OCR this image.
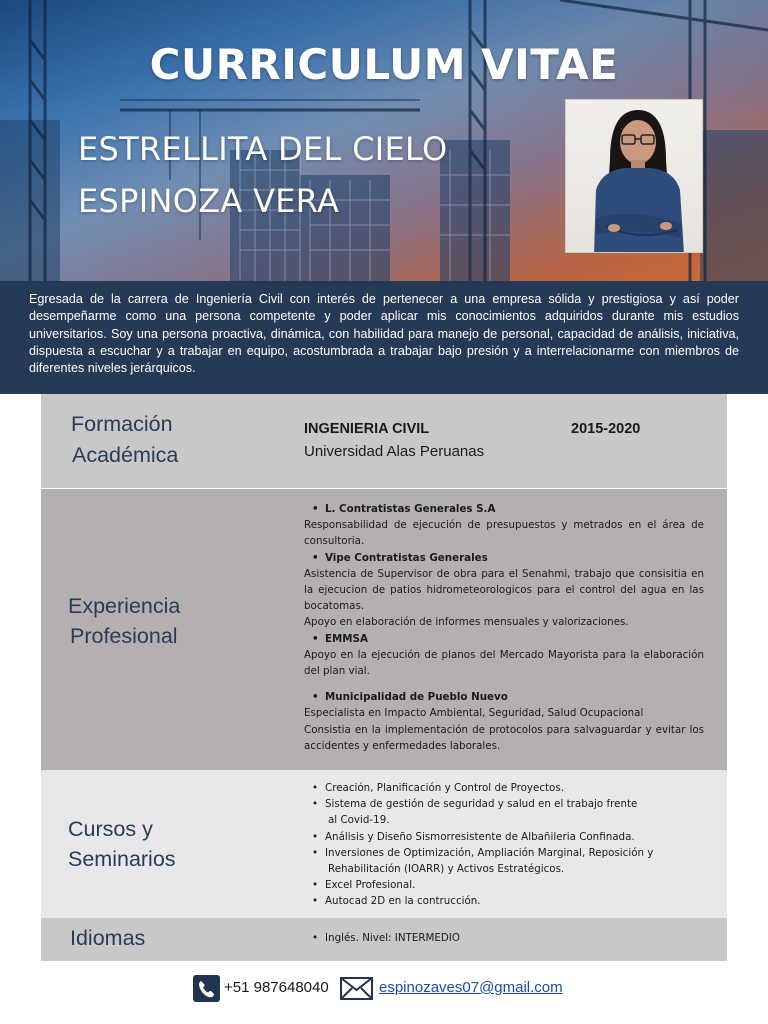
CURRICULUM VITAE
ESTRELLITA DEL CIELO
ESPINOZA VERA

Egresada de la carrera de Ingeniería Civil con interés de pertenecer a una empresa sólida y prestigiosa y así poder desempeñarme como una persona competente y poder aplicar mis conocimientos adquiridos durante mis estudios universitarios. Soy una persona proactiva, dinámica, con habilidad para manejo de personal, capacidad de análisis, iniciativa, dispuesta a escuchar y a trabajar en equipo, acostumbrada a trabajar bajo presión y a interrelacionarme con miembros de diferentes niveles jerárquicos.

Formación
Académica
INGENIERIA CIVIL	2015-2020
Universidad Alas Peruanas
Experiencia
Profesional
• L. Contratistas Generales S.A
Responsabilidad de ejecución de presupuestos y metrados en el área de consultoria.
• Vipe Contratistas Generales
Asistencia de Supervisor de obra para el Senahmi, trabajo que consisitia en la ejecucion de patios hidrometeorologicos para el control del agua en las bocatomas.
Apoyo en elaboración de informes mensuales y valorizaciones.
• EMMSA
Apoyo en la ejecución de planos del Mercado Mayorista para la elaboración del plan vial.
• Municipalidad de Pueblo Nuevo
Especialista en Impacto Ambiental, Seguridad, Salud Ocupacional
Consistia en la implementación de protocolos para salvaguardar y evitar los accidentes y enfermedades laborales.
Cursos y
Seminarios
• Creación, Planificación y Control de Proyectos.
• Sistema de gestión de seguridad y salud en el trabajo frente
al Covid-19.
• Análisis y Diseño Sismorresistente de Albañileria Confinada.
• Inversiones de Optimización, Ampliación Marginal, Reposición y
Rehabilitación (IOARR) y Activos Estratégicos.
• Excel Profesional.
• Autocad 2D en la contrucción.
Idiomas
•	Inglés. Nivel: INTERMEDIO
+51 987648040	espinozaves07@gmail.com
